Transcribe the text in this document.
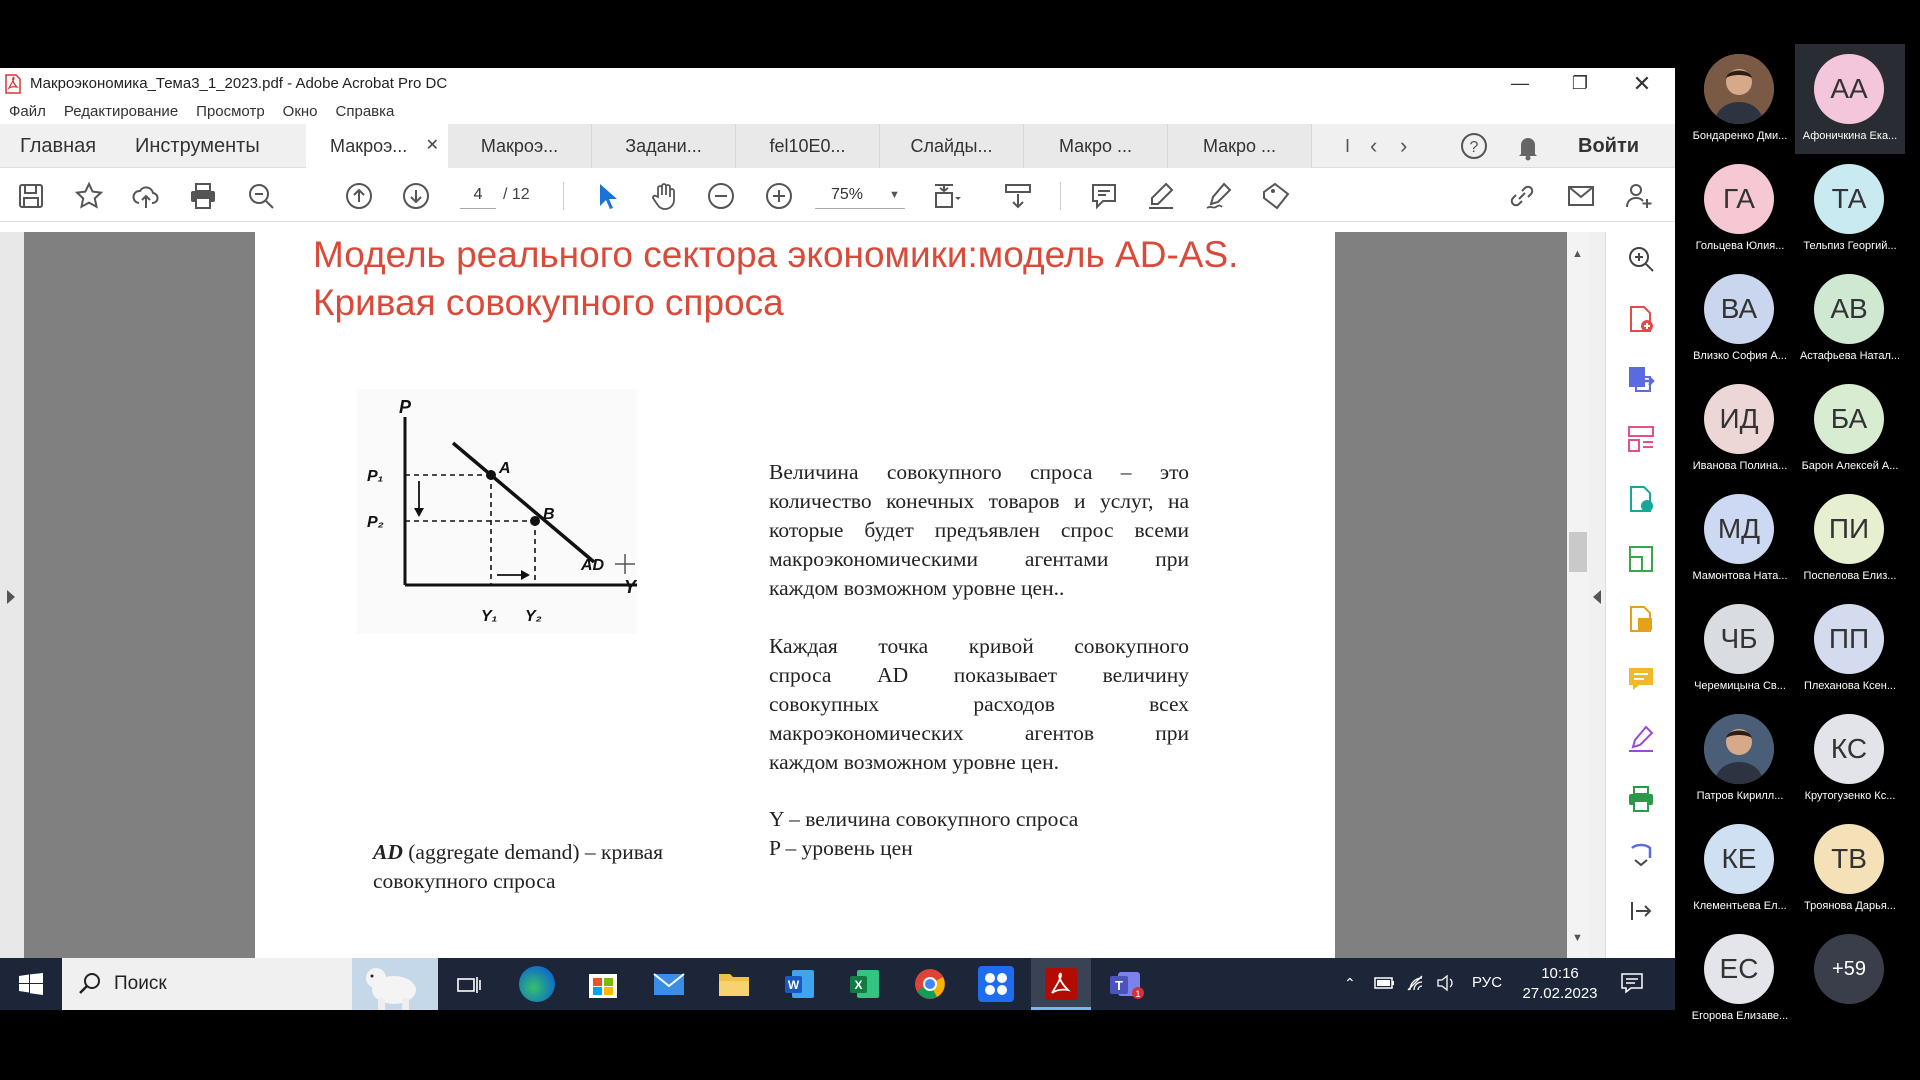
Макроэкономика_Тема3_1_2023.pdf - Adobe Acrobat Pro DC	—	❐	✕
Файл Редактирование Просмотр Окно Справка
Главная Инструменты	Макроэ... ✕	Макроэ...	Задани...	fel10E0...	Слайды...	Макро ...	Макро ...	I ‹ ›	?	Войти
4	/ 12	75% ▼
Модель реального сектора экономики:модель AD-AS.
Кривая совокупного спроса
P
P₁
P₂
A
B
AD
Y
Y₁ Y₂
Величина совокупного спроса – это
количество конечных товаров и услуг, на
которые будет предъявлен спрос всеми
макроэкономическими агентами при
каждом возможном уровне цен..
Каждая точка кривой совокупного
спроса AD показывает величину
совокупных расходов всех
макроэкономических агентов при
каждом возможном уровне цен.
Y – величина совокупного спроса
P – уровень цен
AD (aggregate demand) – кривая
совокупного спроса
▲
▼
Поиск	W	X	T
1
⌃	РУС
10:16
27.02.2023
Бондаренко Дми...
АА
Афоничкина Ека...
ГА
Гольцева Юлия...
ТА
Тельпиз Георгий...
ВА
Влизко София А...
АВ
Астафьева Натал...
ИД
Иванова Полина...
БА
Барон Алексей А...
МД
Мамонтова Ната...
ПИ
Поспелова Елиз...
ЧБ
Черемицына Св...
ПП
Плеханова Ксен...
Патров Кирилл...
КС
Крутогузенко Кс...
КЕ
Клементьева Ел...
ТВ
Троянова Дарья...
ЕС
Егорова Елизаве...
+59
